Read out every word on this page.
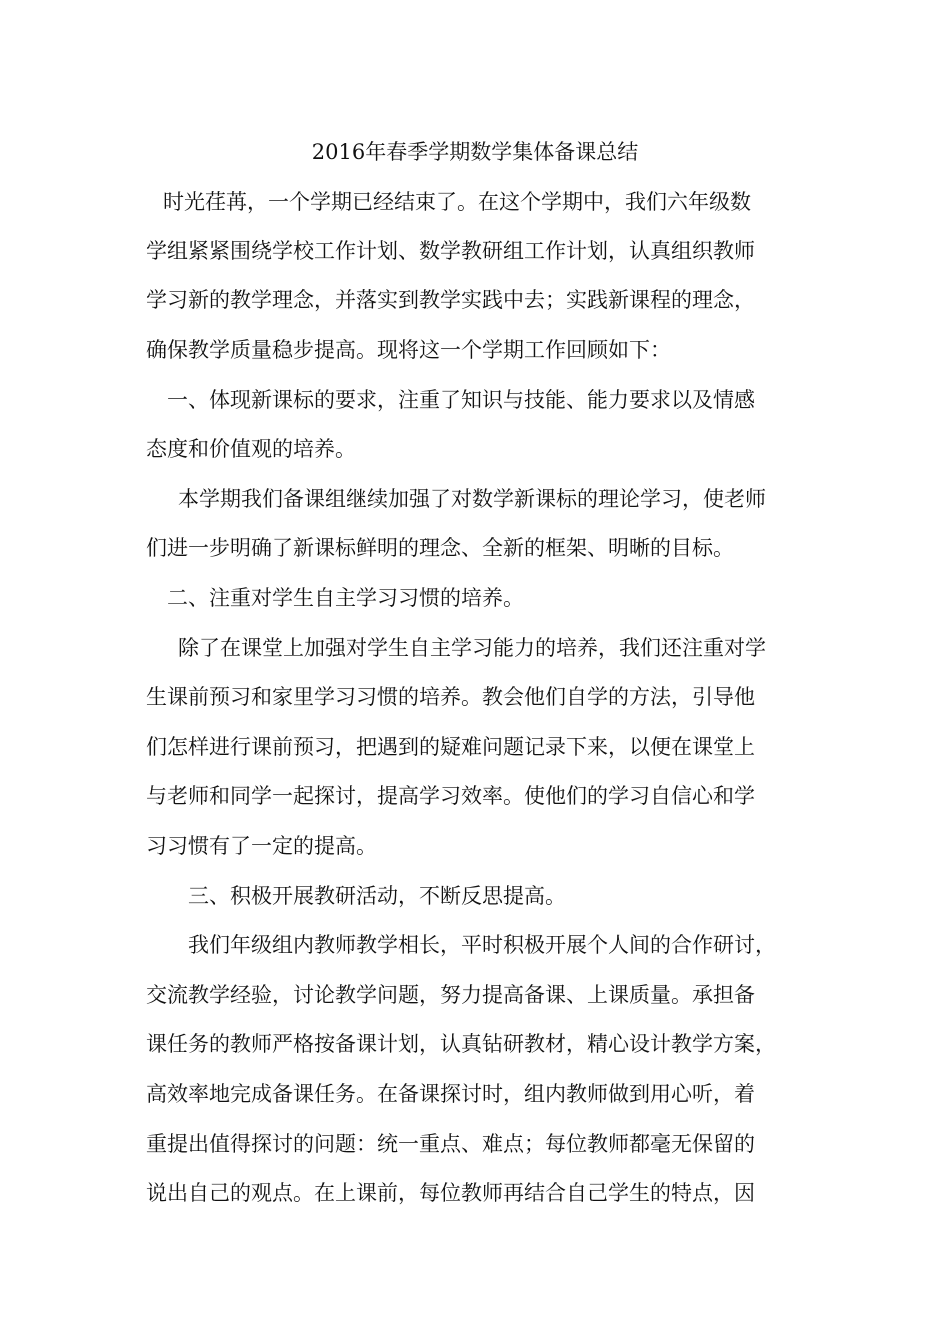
2016年春季学期数学集体备课总结
时光荏苒，一个学期已经结束了。在这个学期中，我们六年级数
学组紧紧围绕学校工作计划、数学教研组工作计划，认真组织教师
学习新的教学理念，并落实到教学实践中去；实践新课程的理念，
确保教学质量稳步提高。现将这一个学期工作回顾如下：
一、体现新课标的要求，注重了知识与技能、能力要求以及情感
态度和价值观的培养。
本学期我们备课组继续加强了对数学新课标的理论学习，使老师
们进一步明确了新课标鲜明的理念、全新的框架、明晰的目标。
二、注重对学生自主学习习惯的培养。
除了在课堂上加强对学生自主学习能力的培养，我们还注重对学
生课前预习和家里学习习惯的培养。教会他们自学的方法，引导他
们怎样进行课前预习，把遇到的疑难问题记录下来，以便在课堂上
与老师和同学一起探讨，提高学习效率。使他们的学习自信心和学
习习惯有了一定的提高。
三、积极开展教研活动，不断反思提高。
我们年级组内教师教学相长，平时积极开展个人间的合作研讨，
交流教学经验，讨论教学问题，努力提高备课、上课质量。承担备
课任务的教师严格按备课计划，认真钻研教材，精心设计教学方案，
高效率地完成备课任务。在备课探讨时，组内教师做到用心听，着
重提出值得探讨的问题：统一重点、难点；每位教师都毫无保留的
说出自己的观点。在上课前，每位教师再结合自己学生的特点，因
